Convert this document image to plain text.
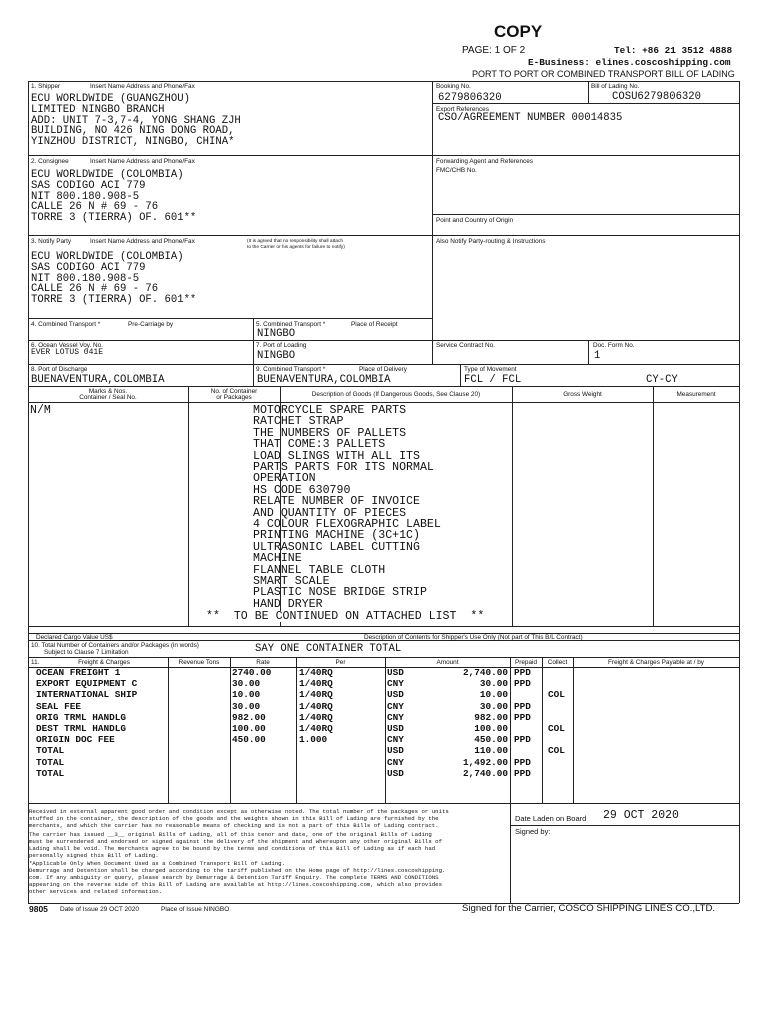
COPY
PAGE: 1 OF 2	Tel: +86 21 3512 4888
E-Business: elines.coscoshipping.com
PORT TO PORT OR COMBINED TRANSPORT BILL OF LADING
1. Shipper	Insert Name Address and Phone/Fax
ECU WORLDWIDE (GUANGZHOU)
LIMITED NINGBO BRANCH
ADD: UNIT 7-3,7-4, YONG SHANG ZJH
BUILDING, NO 426 NING DONG ROAD,
YINZHOU DISTRICT, NINGBO, CHINA*
Booking No.
6279806320
Bill of Lading No.
COSU6279806320
Export References
CSO/AGREEMENT NUMBER 00014835
2. Consignee	Insert Name Address and Phone/Fax
ECU WORLDWIDE (COLOMBIA)
SAS CODIGO ACI 779
NIT 800.180.908-5
CALLE 26 N # 69 - 76
TORRE 3 (TIERRA) OF. 601**
Forwarding Agent and References
FMC/CHB No.
Point and Country of Origin
3. Notify Party	Insert Name Address and Phone/Fax	(It is agreed that no responsibility shall attach
to the Carrier or his agents for failure to notify)
ECU WORLDWIDE (COLOMBIA)
SAS CODIGO ACI 779
NIT 800.180.908-5
CALLE 26 N # 69 - 76
TORRE 3 (TIERRA) OF. 601**
Also Notify Party-routing & Instructions
4. Combined Transport *	Pre-Carriage by	5. Combined Transport *	Place of Receipt
NINGBO
6. Ocean Vessel Voy. No.
EVER LOTUS 041E
7. Port of Loading
NINGBO
Service Contract No.	Doc. Form No.
1
8. Port of Discharge
BUENAVENTURA,COLOMBIA
9. Combined Transport *	Place of Delivery
BUENAVENTURA,COLOMBIA
Type of Movement
FCL / FCL	CY-CY
Marks & Nos.
Container / Seal No.
No. of Container
or Packages	Description of Goods (If Dangerous Goods, See Clause 20)	Gross Weight	Measurement
N/M	MOTORCYCLE SPARE PARTS
RATCHET STRAP
THE NUMBERS OF PALLETS
THAT COME:3 PALLETS
LOAD SLINGS WITH ALL ITS
PARTS PARTS FOR ITS NORMAL
OPERATION
HS CODE 630790
RELATE NUMBER OF INVOICE
AND QUANTITY OF PIECES
4 COLOUR FLEXOGRAPHIC LABEL
PRINTING MACHINE (3C+1C)
ULTRASONIC LABEL CUTTING
MACHINE
FLANNEL TABLE CLOTH
SMART SCALE
PLASTIC NOSE BRIDGE STRIP
HAND DRYER
**  TO BE CONTINUED ON ATTACHED LIST  **
Declared Cargo Value US$	Description of Contents for Shipper's Use Only (Not part of This B/L Contract)
10. Total Number of Containers and/or Packages (in words)
Subject to Clause 7 Limitation	SAY ONE CONTAINER TOTAL
11.	Freight & Charges	Revenue Tons	Rate	Per	Amount	Prepaid	Collect	Freight & Charges Payable at / by
OCEAN FREIGHT 1	2740.00	1/40RQ	USD	2,740.00 PPD
EXPORT EQUIPMENT C	30.00	1/40RQ	CNY	30.00 PPD
INTERNATIONAL SHIP	10.00	1/40RQ	USD	10.00	COL
SEAL FEE	30.00	1/40RQ	CNY	30.00 PPD
ORIG TRML HANDLG	982.00	1/40RQ	CNY	982.00 PPD
DEST TRML HANDLG	100.00	1/40RQ	USD	100.00	COL
ORIGIN DOC FEE	450.00	1.000	CNY	450.00 PPD
TOTAL	USD	110.00	COL
TOTAL	CNY	1,492.00 PPD
TOTAL	USD	2,740.00 PPD
Received in external apparent good order and condition except as otherwise noted. The total number of the packages or units
stuffed in the container, the description of the goods and the weights shown in this Bill of Lading are furnished by the
merchants, and which the carrier has no reasonable means of checking and is not a part of this Bills of Lading contract.
The carrier has issued __3__ original Bills of Lading, all of this tenor and date, one of the original Bills of Lading
must be surrendered and endorsed or signed against the delivery of the shipment and whereupon any other original Bills of
Lading shall be void. The merchants agree to be bound by the terms and conditions of this Bill of Lading as if each had
personally signed this Bill of Lading.
*Applicable Only When Document Used as a Combined Transport Bill of Lading.
Demurrage and Detention shall be charged according to the tariff published on the Home page of http://lines.coscoshipping.
com. If any ambiguity or query, please search by Demurrage & Detention Tariff Enquiry. The complete TERMS AND CONDITIONS
appearing on the reverse side of this Bill of Lading are available at http://lines.coscoshipping.com, which also provides
other services and related information.
Date Laden on Board 29 OCT 2020
Signed by:
9805 Date of Issue 29 OCT 2020	Place of Issue NINGBO	Signed for the Carrier, COSCO SHIPPING LINES CO.,LTD.
